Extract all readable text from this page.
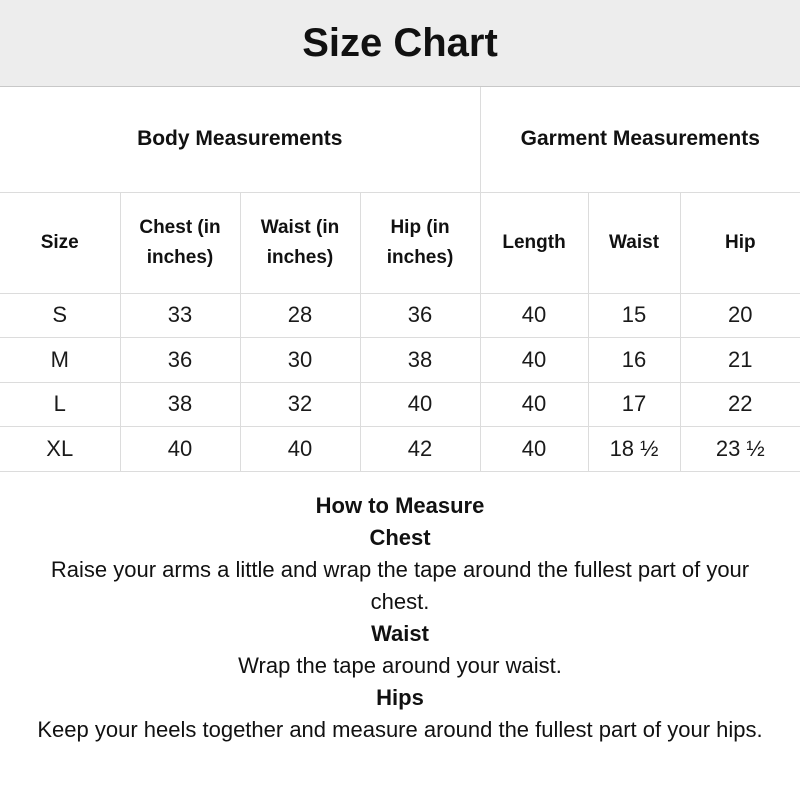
Size Chart
Body Measurements				Garment Measurements		
Size	Chest (in inches)	Waist (in inches)	Hip (in inches)	Length	Waist	Hip
S	33	28	36	40	15	20
M	36	30	38	40	16	21
L	38	32	40	40	17	22
XL	40	40	42	40	18 ½	23 ½
How to Measure
Chest
Raise your arms a little and wrap the tape around the fullest part of your chest.
Waist
Wrap the tape around your waist.
Hips
Keep your heels together and measure around the fullest part of your hips.
